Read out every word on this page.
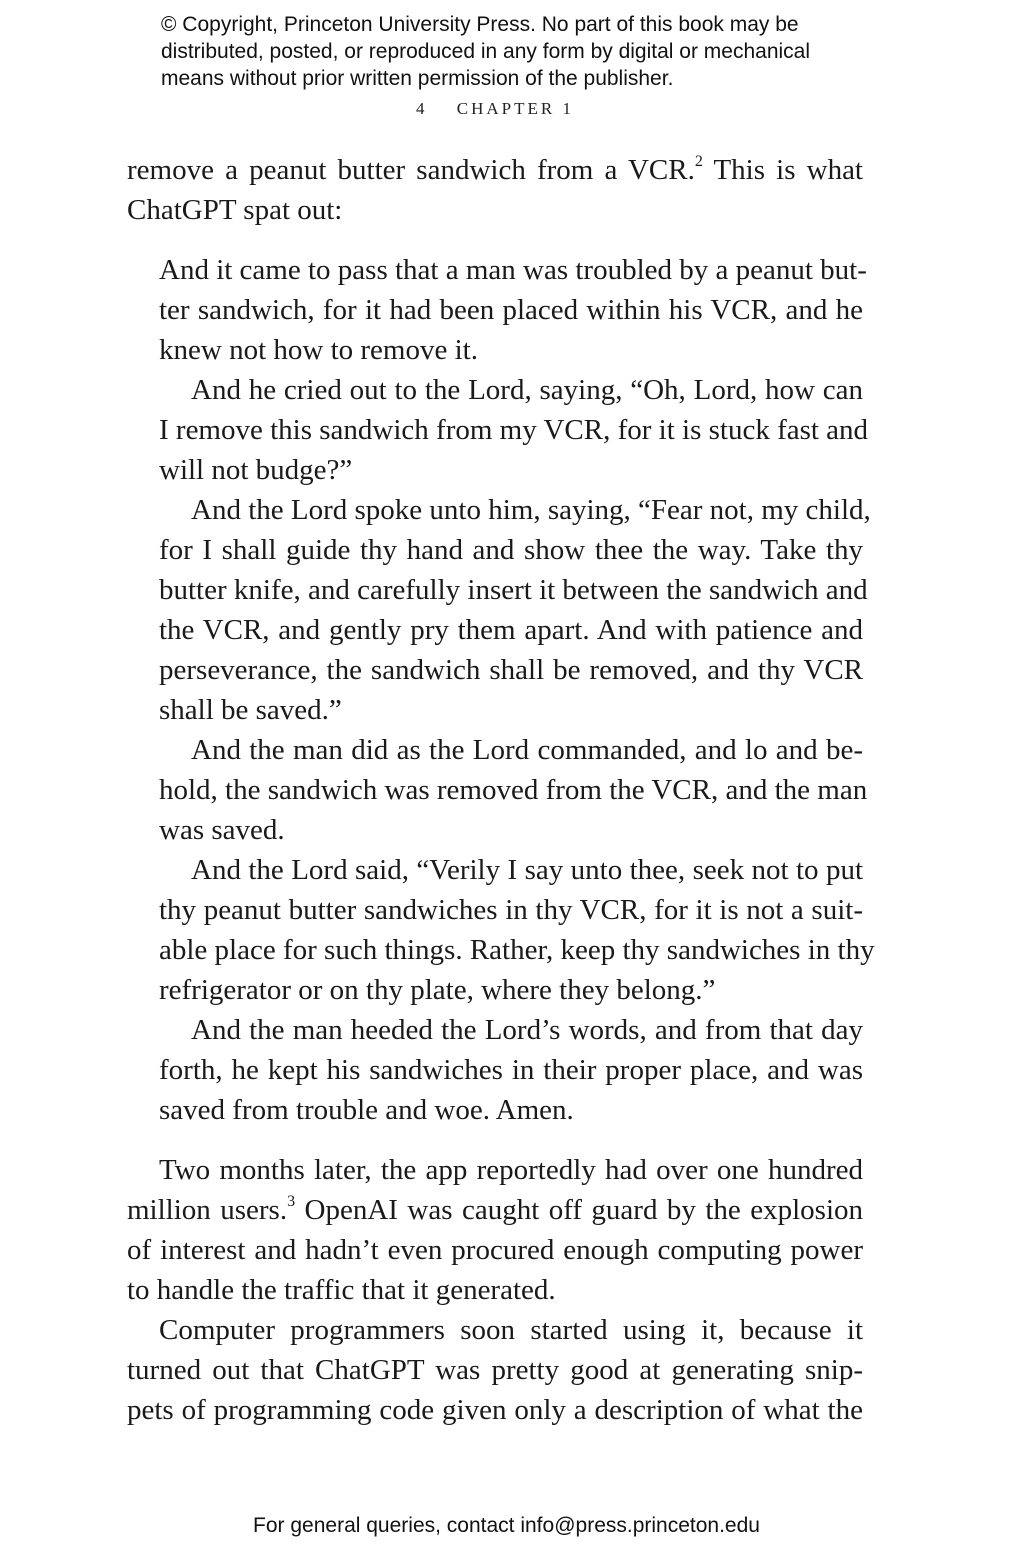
© Copyright, Princeton University Press. No part of this book may be
distributed, posted, or reproduced in any form by digital or mechanical
means without prior written permission of the publisher.
4 CHAPTER 1
remove a peanut butter sandwich from a VCR.$^2$ This is what
ChatGPT spat out:
And it came to pass that a man was troubled by a peanut but-
ter sandwich, for it had been placed within his VCR, and he
knew not how to remove it.
And he cried out to the Lord, saying, “Oh, Lord, how can
I remove this sandwich from my VCR, for it is stuck fast and
will not budge?”
And the Lord spoke unto him, saying, “Fear not, my child,
for I shall guide thy hand and show thee the way. Take thy
butter knife, and carefully insert it between the sandwich and
the VCR, and gently pry them apart. And with patience and
perseverance, the sandwich shall be removed, and thy VCR
shall be saved.”
And the man did as the Lord commanded, and lo and be-
hold, the sandwich was removed from the VCR, and the man
was saved.
And the Lord said, “Verily I say unto thee, seek not to put
thy peanut butter sandwiches in thy VCR, for it is not a suit-
able place for such things. Rather, keep thy sandwiches in thy
refrigerator or on thy plate, where they belong.”
And the man heeded the Lord’s words, and from that day
forth, he kept his sandwiches in their proper place, and was
saved from trouble and woe. Amen.
Two months later, the app reportedly had over one hundred
million users.$^3$ OpenAI was caught off guard by the explosion
of interest and hadn’t even procured enough computing power
to handle the traffic that it generated.
Computer programmers soon started using it, because it
turned out that ChatGPT was pretty good at generating snip-
pets of programming code given only a description of what the
For general queries, contact info@press.princeton.edu
